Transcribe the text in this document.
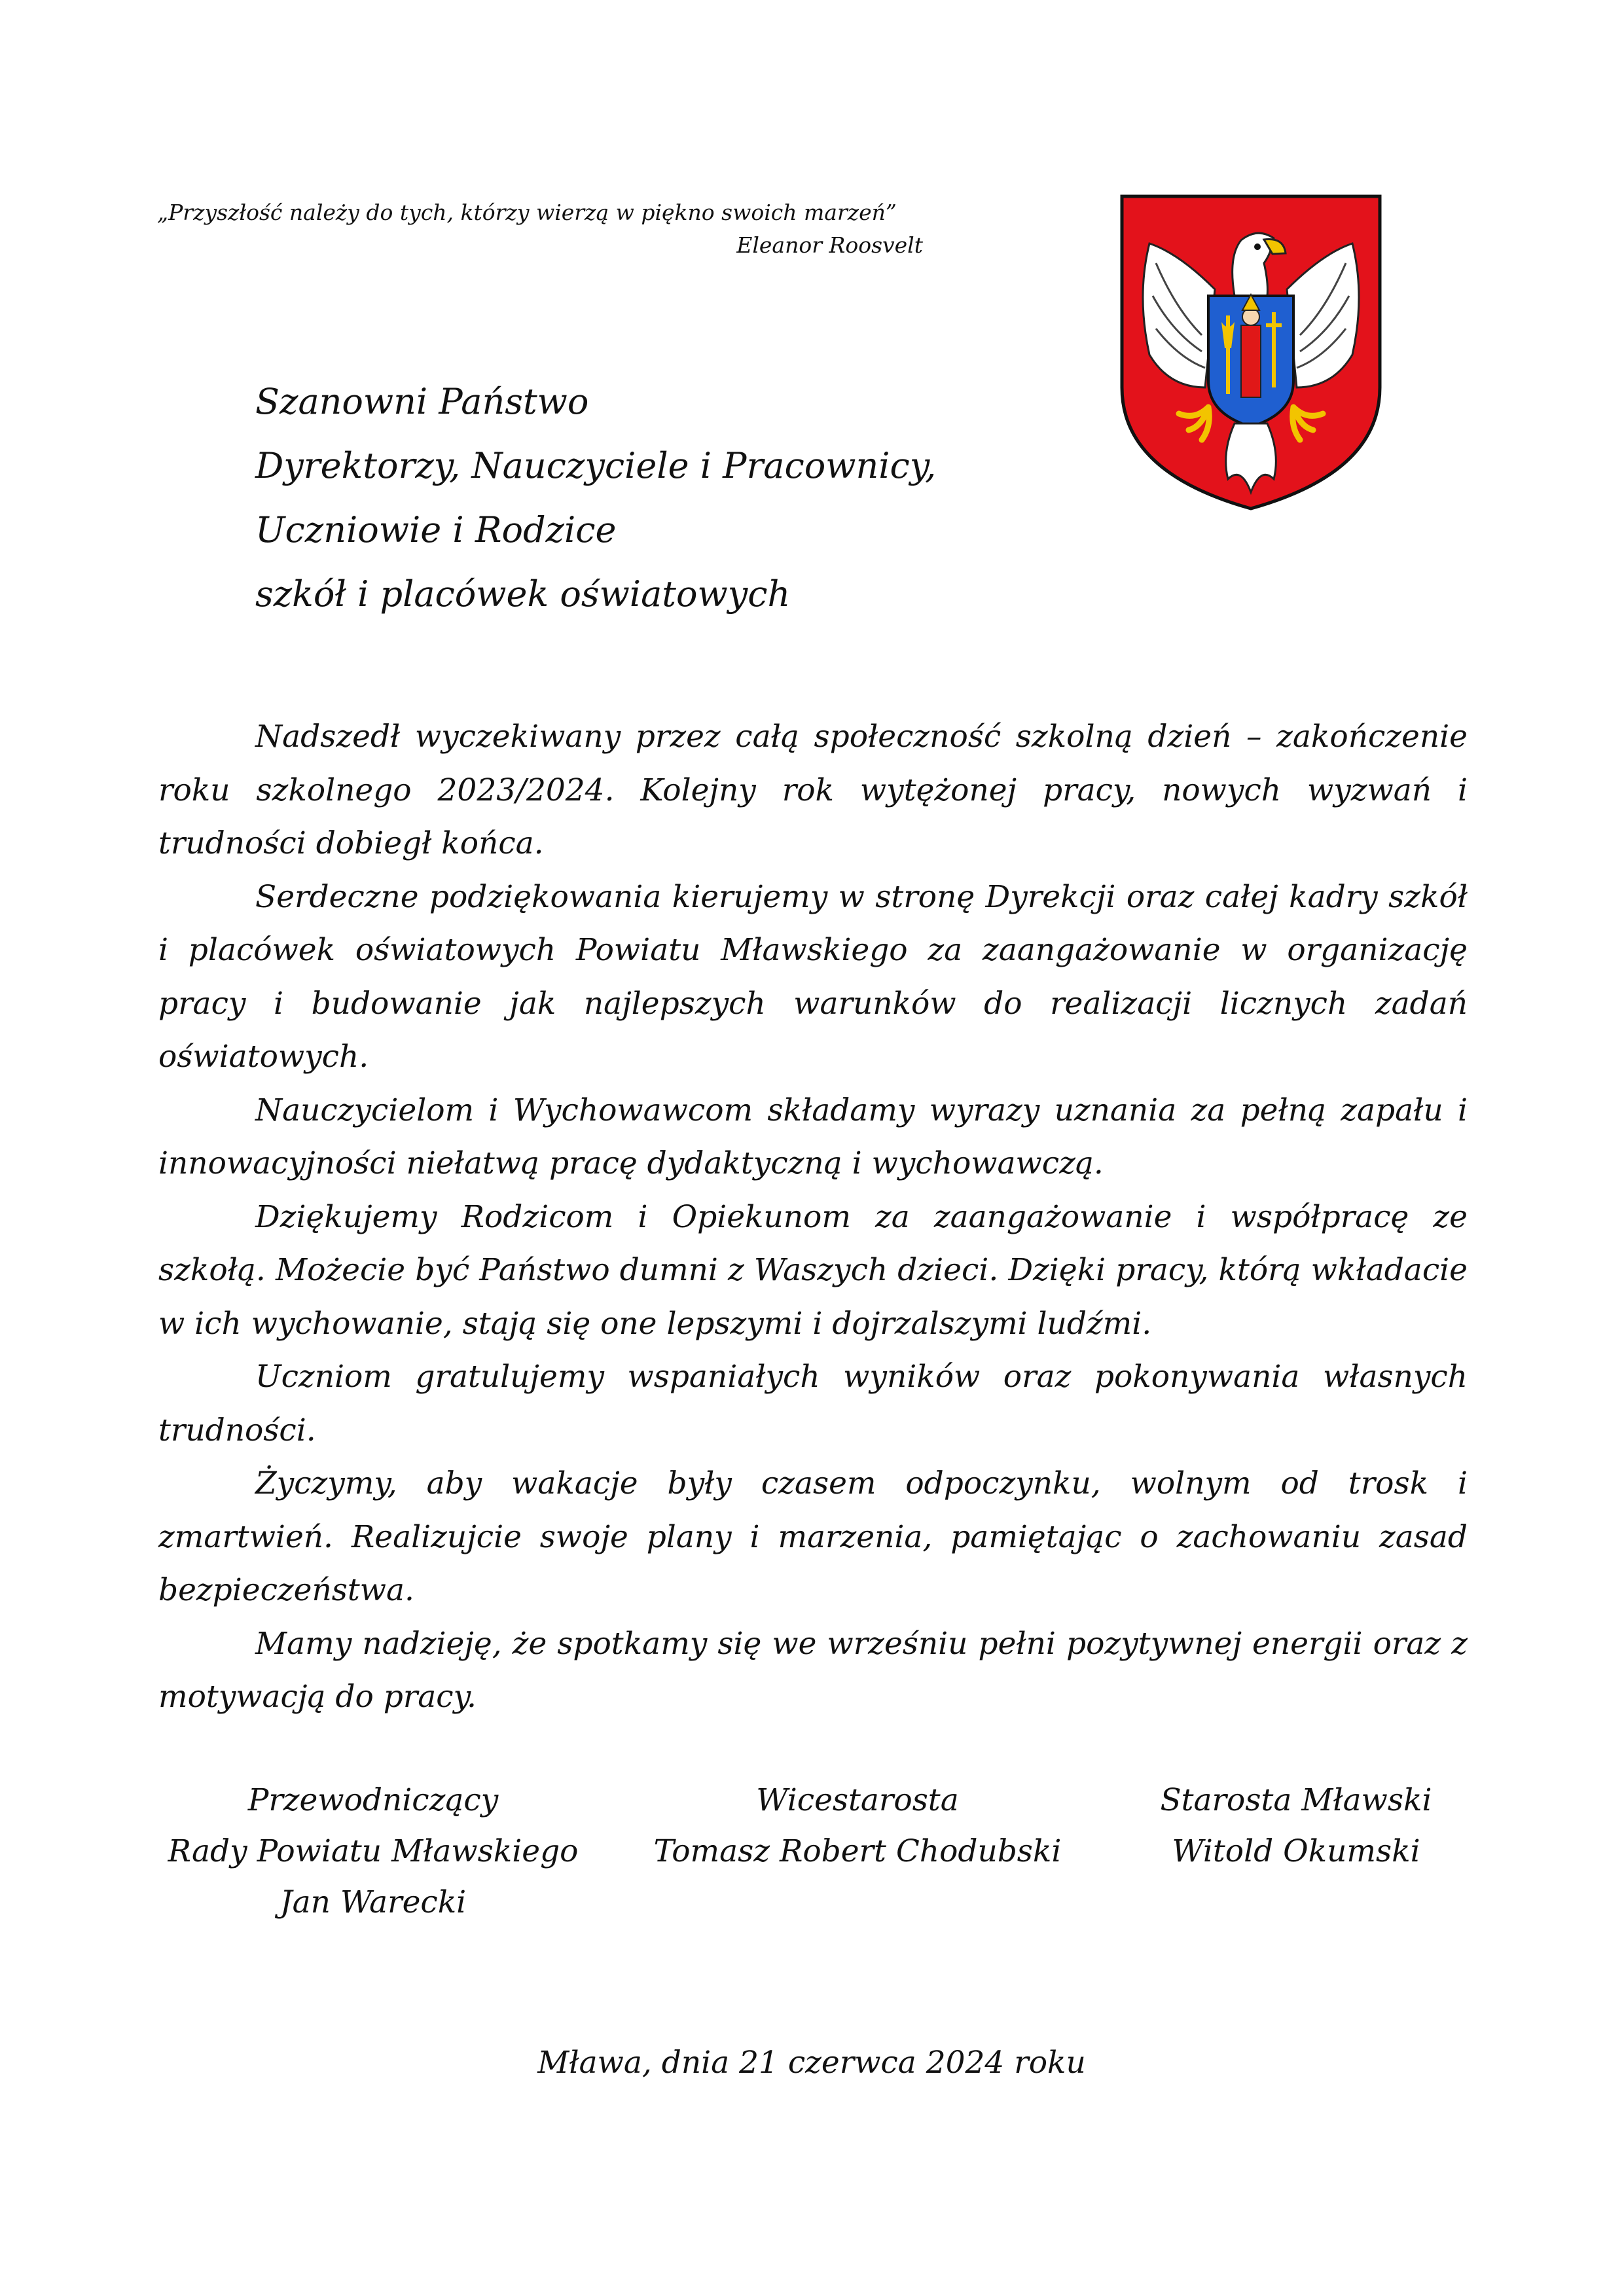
„Przyszłość należy do tych, którzy wierzą w piękno swoich marzeń”
Eleanor Roosvelt
Szanowni Państwo
Dyrektorzy, Nauczyciele i Pracownicy,
Uczniowie i Rodzice
szkół i placówek oświatowych

Nadszedł wyczekiwany przez całą społeczność szkolną dzień – zakończenie roku szkolnego 2023/2024. Kolejny rok wytężonej pracy, nowych wyzwań i trudności dobiegł końca.

Serdeczne podziękowania kierujemy w stronę Dyrekcji oraz całej kadry szkół i placówek oświatowych Powiatu Mławskiego za zaangażowanie w organizację pracy i budowanie jak najlepszych warunków do realizacji licznych zadań oświatowych.

Nauczycielom i Wychowawcom składamy wyrazy uznania za pełną zapału i innowacyjności niełatwą pracę dydaktyczną i wychowawczą.

Dziękujemy Rodzicom i Opiekunom za zaangażowanie i współpracę ze szkołą. Możecie być Państwo dumni z Waszych dzieci. Dzięki pracy, którą wkładacie w ich wychowanie, stają się one lepszymi i dojrzalszymi ludźmi.

Uczniom gratulujemy wspaniałych wyników oraz pokonywania własnych trudności.

Życzymy, aby wakacje były czasem odpoczynku, wolnym od trosk i zmartwień. Realizujcie swoje plany i marzenia, pamiętając o zachowaniu zasad bezpieczeństwa.

Mamy nadzieję, że spotkamy się we wrześniu pełni pozytywnej energii oraz z motywacją do pracy.

Przewodniczący
Rady Powiatu Mławskiego
Jan Warecki
Wicestarosta
Tomasz Robert Chodubski
Starosta Mławski
Witold Okumski
Mława, dnia 21 czerwca 2024 roku
